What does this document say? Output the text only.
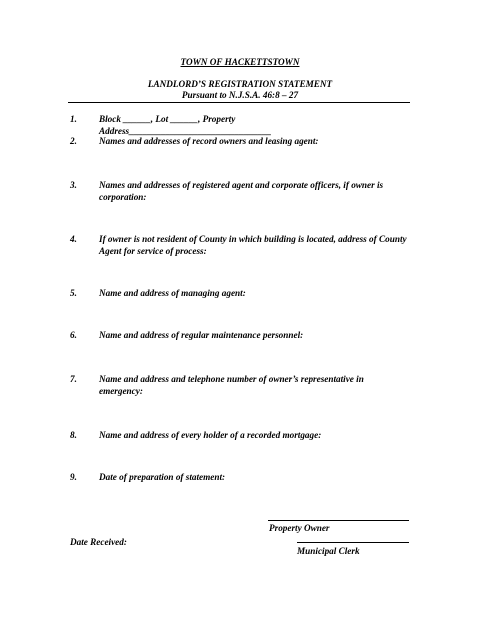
TOWN OF HACKETTSTOWN
LANDLORD’S REGISTRATION STATEMENT
Pursuant to N.J.S.A. 46:8 – 27
1. Block ______, Lot ______, Property Address_______________________________
2. Names and addresses of record owners and leasing agent:
3. Names and addresses of registered agent and corporate officers, if owner is corporation:
4. If owner is not resident of County in which building is located, address of County Agent for service of process:
5. Name and address of managing agent:
6. Name and address of regular maintenance personnel:
7. Name and address and telephone number of owner’s representative in emergency:
8. Name and address of every holder of a recorded mortgage:
9. Date of preparation of statement:
Property Owner
Date Received:
Municipal Clerk
